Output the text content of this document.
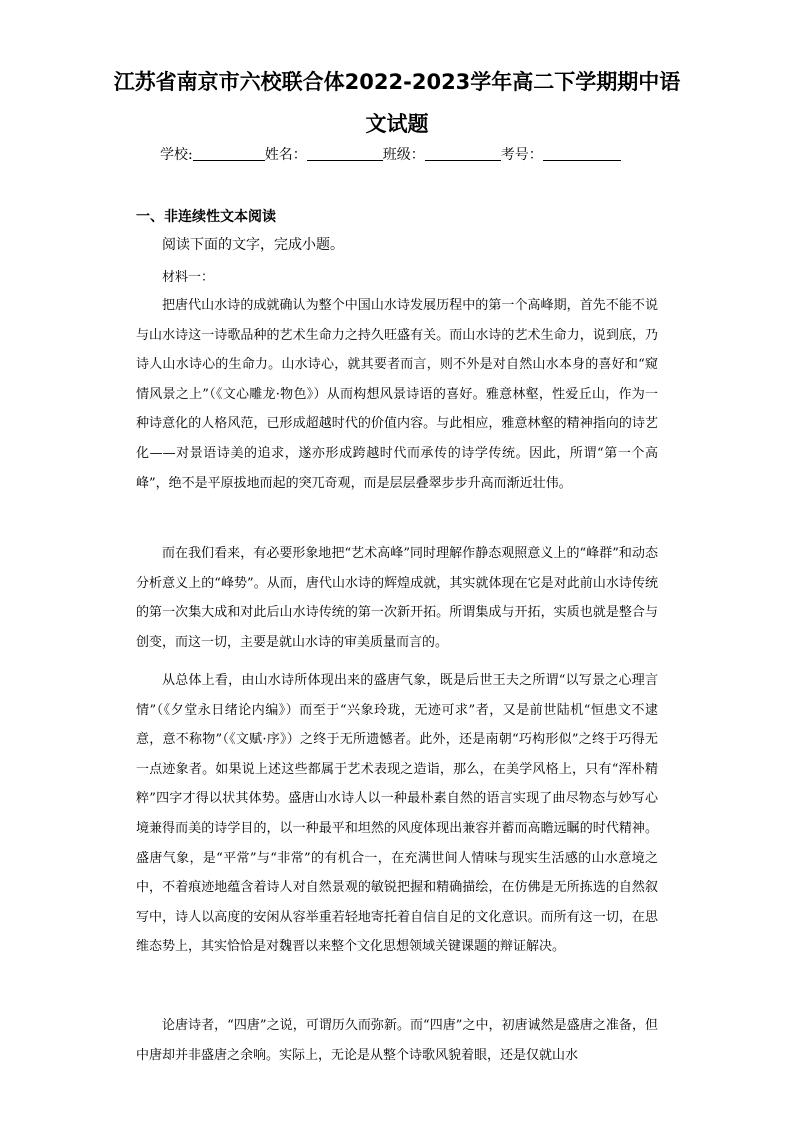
江苏省南京市六校联合体2022-2023学年高二下学期期中语
文试题
学校:	姓名：	班级：	考号：
一、非连续性文本阅读
阅读下面的文字，完成小题。
材料一：

把唐代山水诗的成就确认为整个中国山水诗发展历程中的第一个高峰期，首先不能不说与山水诗这一诗歌品种的艺术生命力之持久旺盛有关。而山水诗的艺术生命力，说到底，乃诗人山水诗心的生命力。山水诗心，就其要者而言，则不外是对自然山水本身的喜好和“窥情风景之上”（《文心雕龙·物色》）从而构想风景诗语的喜好。雅意林壑，性爱丘山，作为一种诗意化的人格风范，已形成超越时代的价值内容。与此相应，雅意林壑的精神指向的诗艺化——对景语诗美的追求，遂亦形成跨越时代而承传的诗学传统。因此，所谓“第一个高峰”，绝不是平原拔地而起的突兀奇观，而是层层叠翠步步升高而渐近壮伟。

而在我们看来，有必要形象地把“艺术高峰”同时理解作静态观照意义上的“峰群”和动态分析意义上的“峰势”。从而，唐代山水诗的辉煌成就，其实就体现在它是对此前山水诗传统的第一次集大成和对此后山水诗传统的第一次新开拓。所谓集成与开拓，实质也就是整合与创变，而这一切，主要是就山水诗的审美质量而言的。

从总体上看，由山水诗所体现出来的盛唐气象，既是后世王夫之所谓“以写景之心理言情”（《夕堂永日绪论内编》）而至于“兴象玲珑，无迹可求”者，又是前世陆机“恒患文不逮意，意不称物”（《文赋·序》）之终于无所遗憾者。此外，还是南朝“巧构形似”之终于巧得无一点迹象者。如果说上述这些都属于艺术表现之造诣，那么，在美学风格上，只有“浑朴精粹”四字才得以状其体势。盛唐山水诗人以一种最朴素自然的语言实现了曲尽物态与妙写心境兼得而美的诗学目的，以一种最平和坦然的风度体现出兼容并蓄而高瞻远瞩的时代精神。盛唐气象，是“平常”与“非常”的有机合一，在充满世间人情味与现实生活感的山水意境之中，不着痕迹地蕴含着诗人对自然景观的敏锐把握和精确描绘，在仿佛是无所拣选的自然叙写中，诗人以高度的安闲从容举重若轻地寄托着自信自足的文化意识。而所有这一切，在思维态势上，其实恰恰是对魏晋以来整个文化思想领域关键课题的辩证解决。

论唐诗者，“四唐”之说，可谓历久而弥新。而“四唐”之中，初唐诚然是盛唐之准备，但中唐却并非盛唐之余响。实际上，无论是从整个诗歌风貌着眼，还是仅就山水
